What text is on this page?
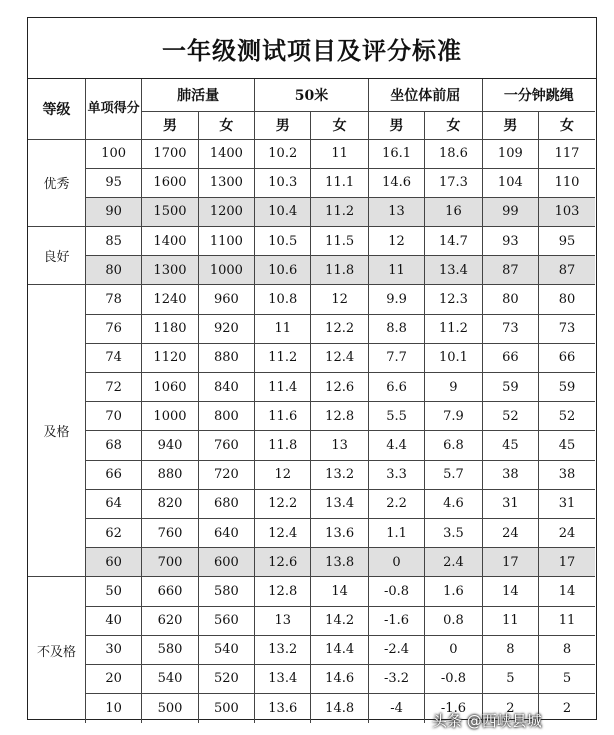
一年级测试项目及评分标准
等级	单项得分	肺活量		50米		坐位体前屈		一分钟跳绳	
		男	女	男	女	男	女	男	女
优秀	100	1700	1400	10.2	11	16.1	18.6	109	117
	95	1600	1300	10.3	11.1	14.6	17.3	104	110
	90	1500	1200	10.4	11.2	13	16	99	103
良好	85	1400	1100	10.5	11.5	12	14.7	93	95
	80	1300	1000	10.6	11.8	11	13.4	87	87
及格	78	1240	960	10.8	12	9.9	12.3	80	80
	76	1180	920	11	12.2	8.8	11.2	73	73
	74	1120	880	11.2	12.4	7.7	10.1	66	66
	72	1060	840	11.4	12.6	6.6	9	59	59
	70	1000	800	11.6	12.8	5.5	7.9	52	52
	68	940	760	11.8	13	4.4	6.8	45	45
	66	880	720	12	13.2	3.3	5.7	38	38
	64	820	680	12.2	13.4	2.2	4.6	31	31
	62	760	640	12.4	13.6	1.1	3.5	24	24
	60	700	600	12.6	13.8	0	2.4	17	17
不及格	50	660	580	12.8	14	-0.8	1.6	14	14
	40	620	560	13	14.2	-1.6	0.8	11	11
	30	580	540	13.2	14.4	-2.4	0	8	8
	20	540	520	13.4	14.6	-3.2	-0.8	5	5
	10	500	500	13.6	14.8	-4	-1.6	2	2
头条 @西峡县城
